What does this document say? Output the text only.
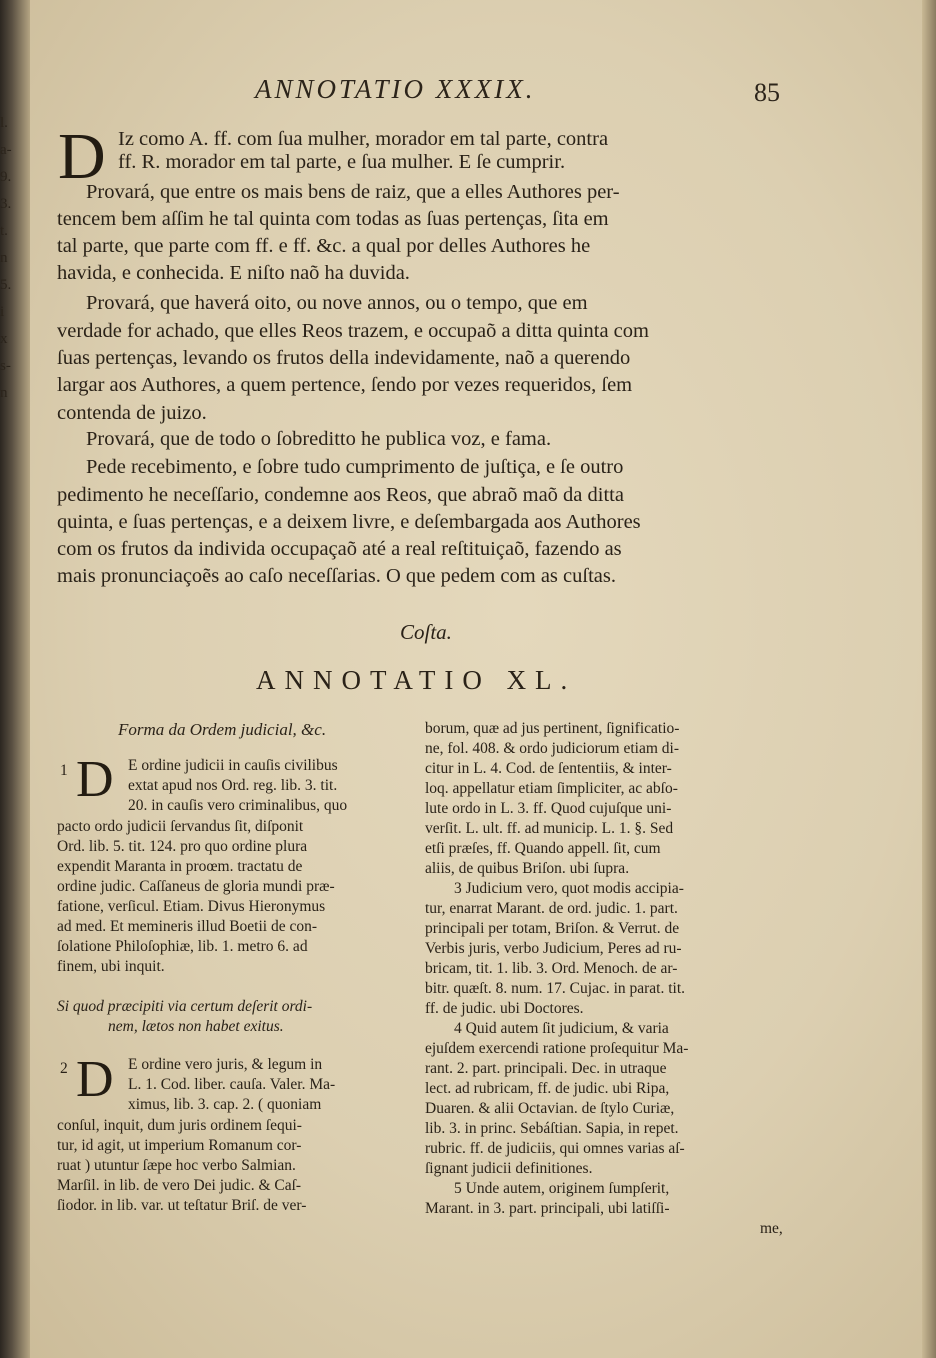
l.
a-
9.
3.
t.
n
5.
i
x
s-
n
ANNOTATIO XXXIX.	85
D Iz como A. ff. com ſua mulher, morador em tal parte, contra
ff. R. morador em tal parte, e ſua mulher. E ſe cumprir.
Provará, que entre os mais bens de raiz, que a elles Authores per-
tencem bem aſſim he tal quinta com todas as ſuas pertenças, ſita em
tal parte, que parte com ff. e ff. &c. a qual por delles Authores he
havida, e conhecida. E niſto naõ ha duvida.
Provará, que haverá oito, ou nove annos, ou o tempo, que em
verdade for achado, que elles Reos trazem, e occupaõ a ditta quinta com
ſuas pertenças, levando os frutos della indevidamente, naõ a querendo
largar aos Authores, a quem pertence, ſendo por vezes requeridos, ſem
contenda de juizo.
Provará, que de todo o ſobreditto he publica voz, e fama.
Pede recebimento, e ſobre tudo cumprimento de juſtiça, e ſe outro
pedimento he neceſſario, condemne aos Reos, que abraõ maõ da ditta
quinta, e ſuas pertenças, e a deixem livre, e deſembargada aos Authores
com os frutos da individa occupaçaõ até a real reſtituiçaõ, fazendo as
mais pronunciaçoẽs ao caſo neceſſarias. O que pedem com as cuſtas.
Coſta.
ANNOTATIO XL.
Forma da Ordem judicial, &c.
1 D E ordine judicii in cauſis civilibus
extat apud nos Ord. reg. lib. 3. tit.
20. in cauſis vero criminalibus, quo
pacto ordo judicii ſervandus ſit, diſponit
Ord. lib. 5. tit. 124. pro quo ordine plura
expendit Maranta in proœm. tractatu de
ordine judic. Caſſaneus de gloria mundi præ-
fatione, verſicul. Etiam. Divus Hieronymus
ad med. Et memineris illud Boetii de con-
ſolatione Philoſophiæ, lib. 1. metro 6. ad
finem, ubi inquit.
Si quod præcipiti via certum deſerit ordi-
nem, lætos non habet exitus.
2 D E ordine vero juris, & legum in
L. 1. Cod. liber. cauſa. Valer. Ma-
ximus, lib. 3. cap. 2. ( quoniam
conſul, inquit, dum juris ordinem ſequi-
tur, id agit, ut imperium Romanum cor-
ruat ) utuntur ſæpe hoc verbo Salmian.
Marſil. in lib. de vero Dei judic. & Caſ-
ſiodor. in lib. var. ut teſtatur Briſ. de ver-
borum, quæ ad jus pertinent, ſignificatio-
ne, fol. 408. & ordo judiciorum etiam di-
citur in L. 4. Cod. de ſententiis, & inter-
loq. appellatur etiam ſimpliciter, ac abſo-
lute ordo in L. 3. ff. Quod cujuſque uni-
verſit. L. ult. ff. ad municip. L. 1. §. Sed
etſi præſes, ff. Quando appell. ſit, cum
aliis, de quibus Briſon. ubi ſupra.
3 Judicium vero, quot modis accipia-
tur, enarrat Marant. de ord. judic. 1. part.
principali per totam, Briſon. & Verrut. de
Verbis juris, verbo Judicium, Peres ad ru-
bricam, tit. 1. lib. 3. Ord. Menoch. de ar-
bitr. quæſt. 8. num. 17. Cujac. in parat. tit.
ff. de judic. ubi Doctores.
4 Quid autem ſit judicium, & varia
ejuſdem exercendi ratione proſequitur Ma-
rant. 2. part. principali. Dec. in utraque
lect. ad rubricam, ff. de judic. ubi Ripa,
Duaren. & alii Octavian. de ſtylo Curiæ,
lib. 3. in princ. Sebáſtian. Sapia, in repet.
rubric. ff. de judiciis, qui omnes varias aſ-
ſignant judicii definitiones.
5 Unde autem, originem ſumpſerit,
Marant. in 3. part. principali, ubi latiſſi-
me,
